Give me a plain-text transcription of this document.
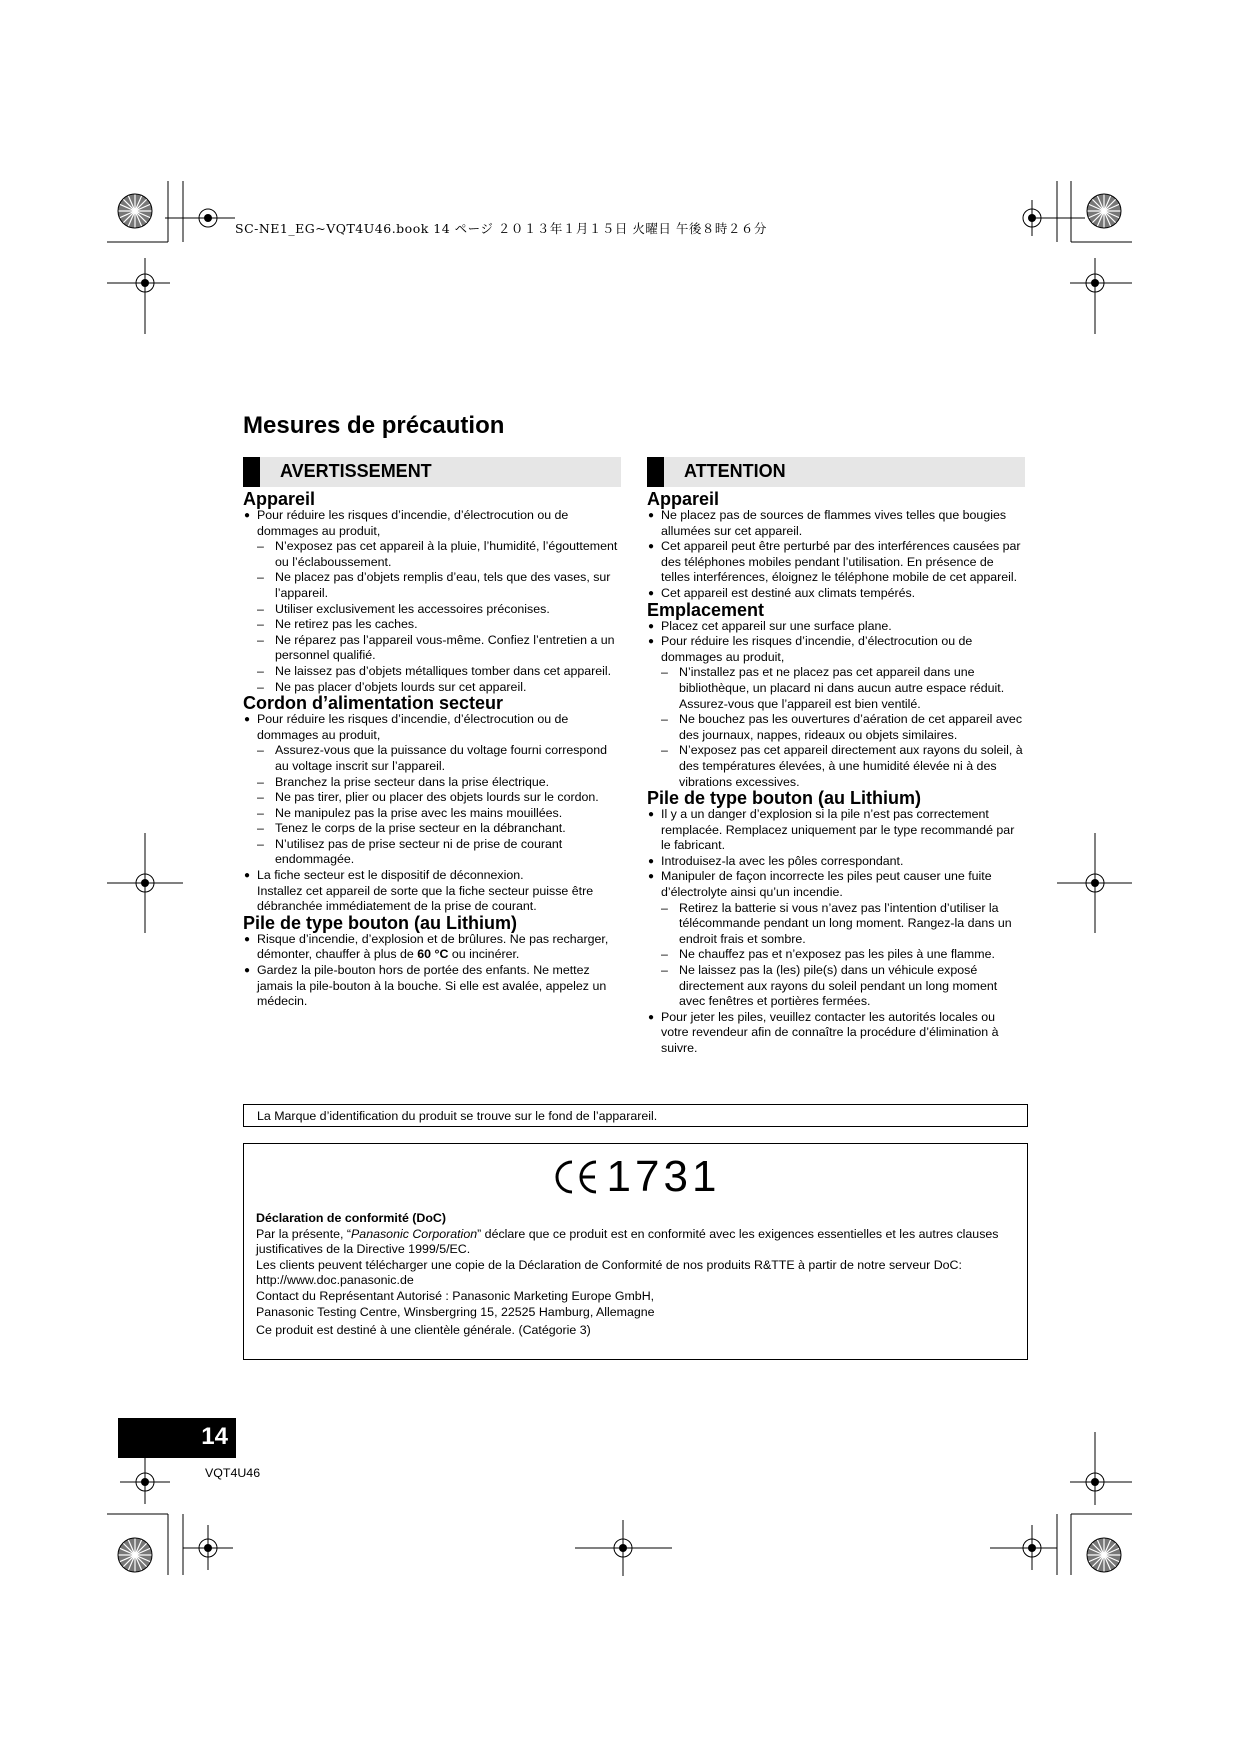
SC-NE1_EG~VQT4U46.book 14 ページ ２０１３年１月１５日 火曜日 午後８時２６分
Mesures de précaution
AVERTISSEMENT
Appareil
● Pour réduire les risques d’incendie, d’électrocution ou de dommages au produit,
– N’exposez pas cet appareil à la pluie, l’humidité, l’égouttement ou l’éclaboussement.
– Ne placez pas d’objets remplis d’eau, tels que des vases, sur l’appareil.
– Utiliser exclusivement les accessoires préconises.
– Ne retirez pas les caches.
– Ne réparez pas l’appareil vous-même. Confiez l’entretien a un personnel qualifié.
– Ne laissez pas d’objets métalliques tomber dans cet appareil.
– Ne pas placer d’objets lourds sur cet appareil.
Cordon d’alimentation secteur
● Pour réduire les risques d’incendie, d’électrocution ou de dommages au produit,
– Assurez-vous que la puissance du voltage fourni correspond au voltage inscrit sur l’appareil.
– Branchez la prise secteur dans la prise électrique.
– Ne pas tirer, plier ou placer des objets lourds sur le cordon.
– Ne manipulez pas la prise avec les mains mouillées.
– Tenez le corps de la prise secteur en la débranchant.
– N’utilisez pas de prise secteur ni de prise de courant endommagée.
● La fiche secteur est le dispositif de déconnexion.
Installez cet appareil de sorte que la fiche secteur puisse être débranchée immédiatement de la prise de courant.
Pile de type bouton (au Lithium)
● Risque d’incendie, d’explosion et de brûlures. Ne pas recharger, démonter, chauffer à plus de 60 °C ou incinérer.
● Gardez la pile-bouton hors de portée des enfants. Ne mettez jamais la pile-bouton à la bouche. Si elle est avalée, appelez un médecin.
ATTENTION
Appareil
● Ne placez pas de sources de flammes vives telles que bougies allumées sur cet appareil.
● Cet appareil peut être perturbé par des interférences causées par des téléphones mobiles pendant l’utilisation. En présence de telles interférences, éloignez le téléphone mobile de cet appareil.
● Cet appareil est destiné aux climats tempérés.
Emplacement
● Placez cet appareil sur une surface plane.
● Pour réduire les risques d’incendie, d’électrocution ou de dommages au produit,
– N’installez pas et ne placez pas cet appareil dans une bibliothèque, un placard ni dans aucun autre espace réduit. Assurez-vous que l’appareil est bien ventilé.
– Ne bouchez pas les ouvertures d’aération de cet appareil avec des journaux, nappes, rideaux ou objets similaires.
– N’exposez pas cet appareil directement aux rayons du soleil, à des températures élevées, à une humidité élevée ni à des vibrations excessives.
Pile de type bouton (au Lithium)
● Il y a un danger d’explosion si la pile n’est pas correctement remplacée. Remplacez uniquement par le type recommandé par le fabricant.
● Introduisez-la avec les pôles correspondant.
● Manipuler de façon incorrecte les piles peut causer une fuite d’électrolyte ainsi qu’un incendie.
– Retirez la batterie si vous n’avez pas l’intention d’utiliser la télécommande pendant un long moment. Rangez-la dans un endroit frais et sombre.
– Ne chauffez pas et n’exposez pas les piles à une flamme.
– Ne laissez pas la (les) pile(s) dans un véhicule exposé directement aux rayons du soleil pendant un long moment avec fenêtres et portières fermées.
● Pour jeter les piles, veuillez contacter les autorités locales ou votre revendeur afin de connaître la procédure d’élimination à suivre.
La Marque d’identification du produit se trouve sur le fond de l’apparareil.
1731
Déclaration de conformité (DoC)
Par la présente, “Panasonic Corporation” déclare que ce produit est en conformité avec les exigences essentielles et les autres clauses justificatives de la Directive 1999/5/EC.
Les clients peuvent télécharger une copie de la Déclaration de Conformité de nos produits R&TTE à partir de notre serveur DoC:
http://www.doc.panasonic.de
Contact du Représentant Autorisé : Panasonic Marketing Europe GmbH,
Panasonic Testing Centre, Winsbergring 15, 22525 Hamburg, Allemagne
Ce produit est destiné à une clientèle générale. (Catégorie 3)
14
VQT4U46
